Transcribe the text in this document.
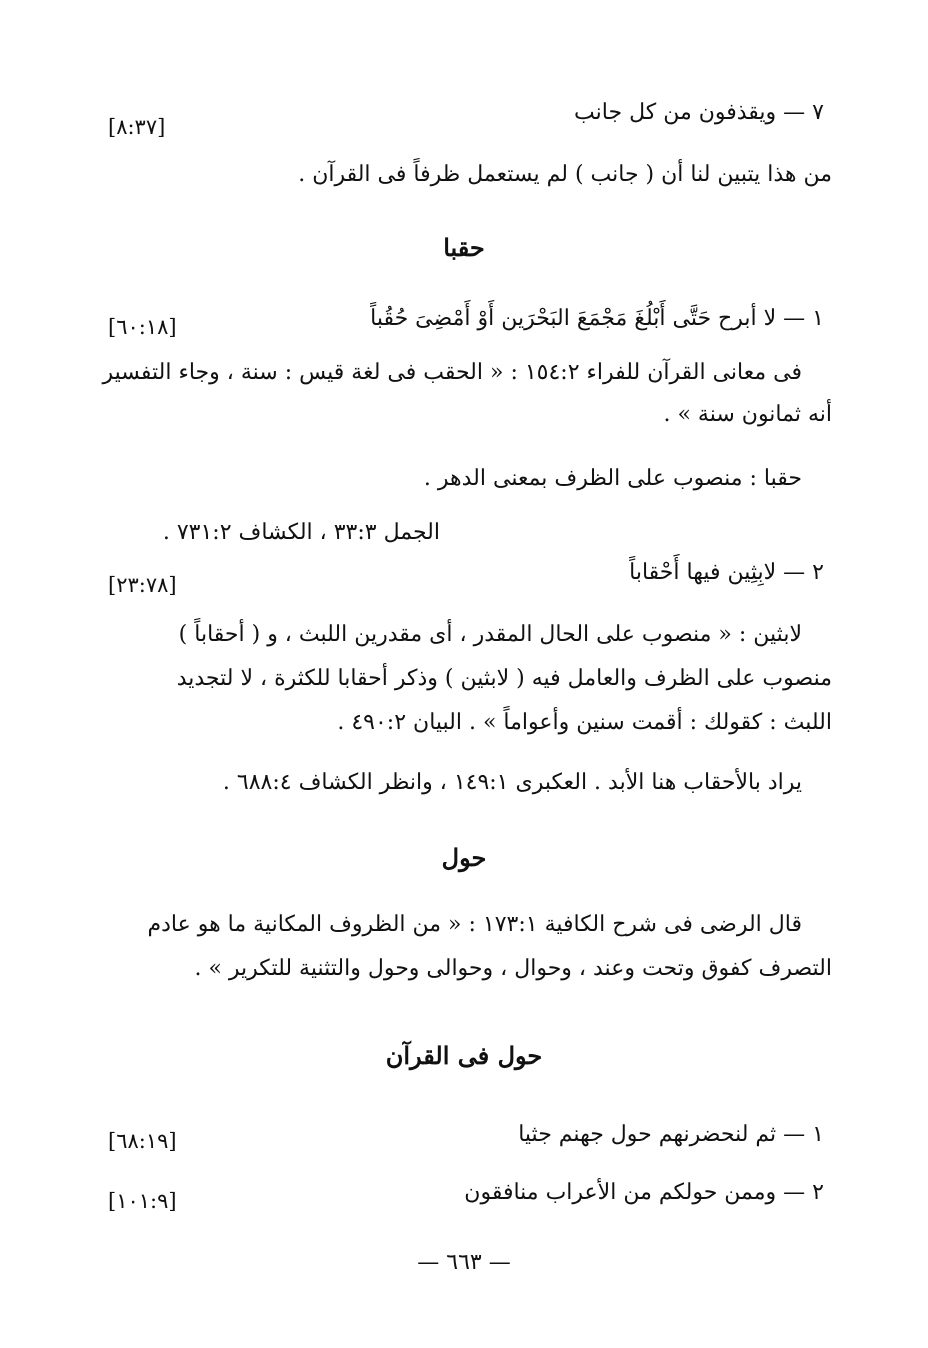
٧ — ويقذفون من كل جانب
[٨:٣٧]
من هذا يتبين لنا أن ( جانب ) لم يستعمل ظرفاً فى القرآن .
حقبا
١ — لا أبرح حَتَّى أَبْلُغَ مَجْمَعَ البَحْرَين أَوْ أَمْضِىَ حُقُباً
[٦٠:١٨]
فى معانى القرآن للفراء ١٥٤:٢ : « الحقب فى لغة قيس : سنة ، وجاء التفسير
أنه ثمانون سنة » .
حقبا : منصوب على الظرف بمعنى الدهر .
الجمل ٣٣:٣ ، الكشاف ٧٣١:٢ .
٢ — لابِثِين فيها أَحْقاباً
[٢٣:٧٨]
لابثين : « منصوب على الحال المقدر ، أى مقدرين اللبث ، و ( أحقاباً )
منصوب على الظرف والعامل فيه ( لابثين ) وذكر أحقابا للكثرة ، لا لتجديد
اللبث : كقولك : أقمت سنين وأعواماً » . البيان ٤٩٠:٢ .
يراد بالأحقاب هنا الأبد . العكبرى ١٤٩:١ ، وانظر الكشاف ٦٨٨:٤ .
حول
قال الرضى فى شرح الكافية ١٧٣:١ : « من الظروف المكانية ما هو عادم
التصرف كفوق وتحت وعند ، وحوال ، وحوالى وحول والتثنية للتكرير » .
حول فى القرآن
١ — ثم لنحضرنهم حول جهنم جثيا
[٦٨:١٩]
٢ — وممن حولكم من الأعراب منافقون
[١٠١:٩]
— ٦٦٣ —
